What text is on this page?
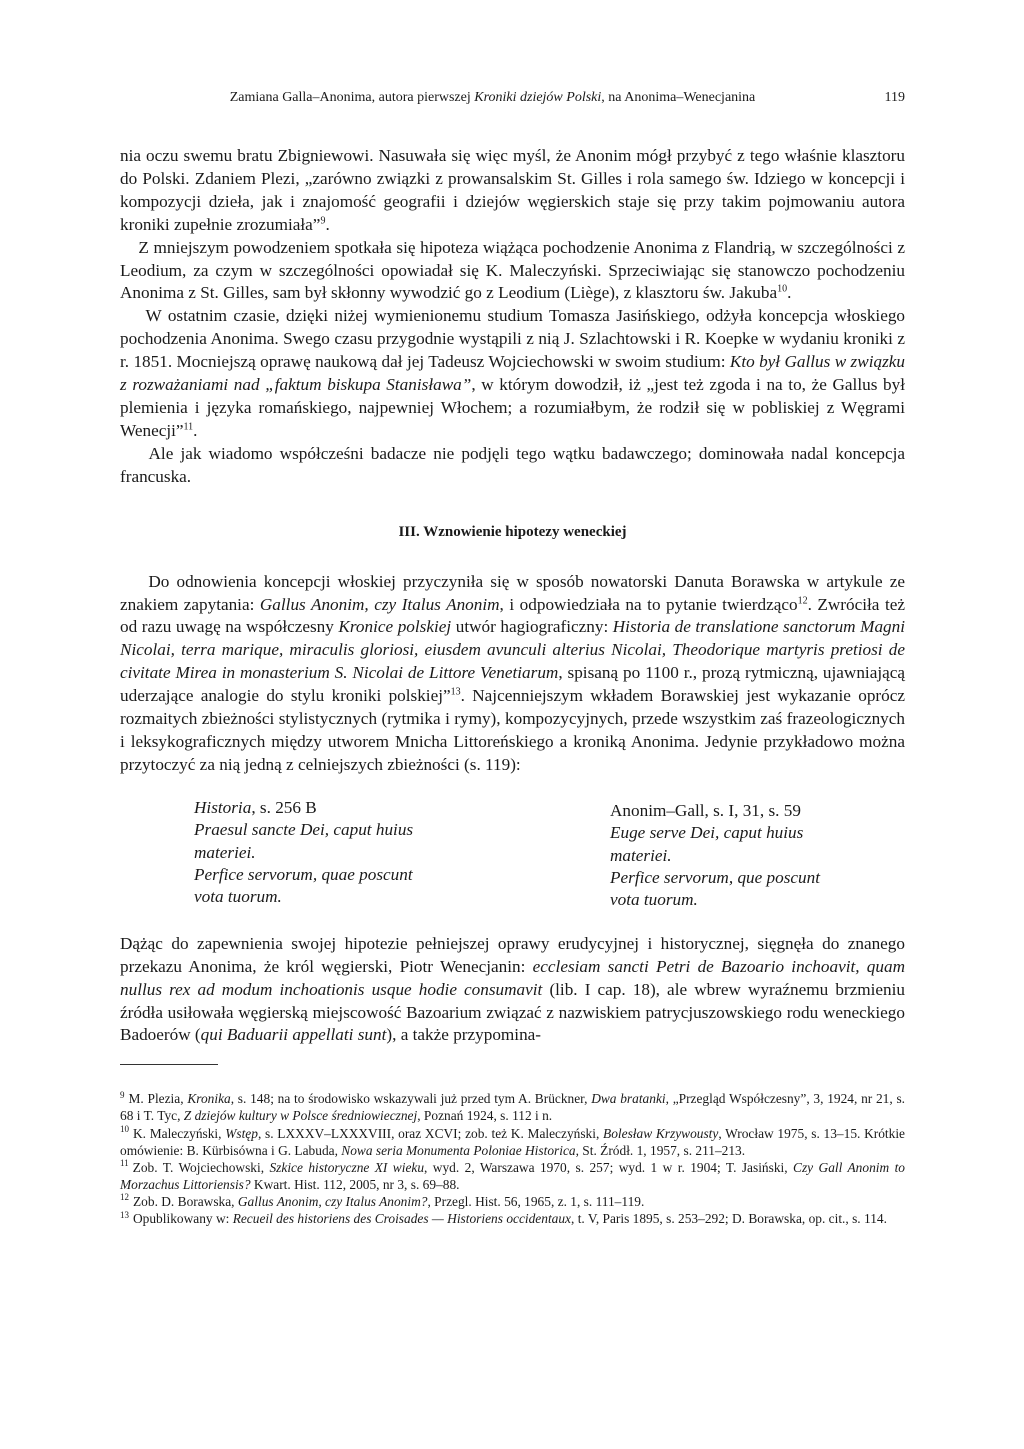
Zamiana Galla–Anonima, autora pierwszej Kroniki dziejów Polski, na Anonima–Wenecjanina	119

nia oczu swemu bratu Zbigniewowi. Nasuwała się więc myśl, że Anonim mógł przybyć z tego właśnie klasztoru do Polski. Zdaniem Plezi, „zarówno związki z prowansalskim St. Gilles i rola samego św. Idziego w koncepcji i kompozycji dzieła, jak i znajomość geografii i dziejów węgierskich staje się przy takim pojmowaniu autora kroniki zupełnie zrozumiała”$^9$.

Z mniejszym powodzeniem spotkała się hipoteza wiążąca pochodzenie Anonima z Flandrią, w szczególności z Leodium, za czym w szczególności opowiadał się K. Maleczyński. Sprzeciwiając się stanowczo pochodzeniu Anonima z St. Gilles, sam był skłonny wywodzić go z Leodium (Liège), z klasztoru św. Jakuba$^{10}$.

W ostatnim czasie, dzięki niżej wymienionemu studium Tomasza Jasińskiego, odżyła koncepcja włoskiego pochodzenia Anonima. Swego czasu przygodnie wystąpili z nią J. Szlachtowski i R. Koepke w wydaniu kroniki z r. 1851. Mocniejszą oprawę naukową dał jej Tadeusz Wojciechowski w swoim studium: Kto był Gallus w związku z rozważaniami nad „faktum biskupa Stanisława”, w którym dowodził, iż „jest też zgoda i na to, że Gallus był plemienia i języka romańskiego, najpewniej Włochem; a rozumiałbym, że rodził się w pobliskiej z Węgrami Wenecji”$^{11}$.

Ale jak wiadomo współcześni badacze nie podjęli tego wątku badawczego; dominowała nadal koncepcja francuska.

III. Wznowienie hipotezy weneckiej

Do odnowienia koncepcji włoskiej przyczyniła się w sposób nowatorski Danuta Borawska w artykule ze znakiem zapytania: Gallus Anonim, czy Italus Anonim, i odpowiedziała na to pytanie twierdząco$^{12}$. Zwróciła też od razu uwagę na współczesny Kronice polskiej utwór hagiograficzny: Historia de translatione sanctorum Magni Nicolai, terra marique, miraculis gloriosi, eiusdem avunculi alterius Nicolai, Theodorique martyris pretiosi de civitate Mirea in monasterium S. Nicolai de Littore Venetiarum, spisaną po 1100 r., prozą rytmiczną, ujawniającą uderzające analogie do stylu kroniki polskiej”$^{13}$. Najcenniejszym wkładem Borawskiej jest wykazanie oprócz rozmaitych zbieżności stylistycznych (rytmika i rymy), kompozycyjnych, przede wszystkim zaś frazeologicznych i leksykograficznych między utworem Mnicha Littoreńskiego a kroniką Anonima. Jedynie przykładowo można przytoczyć za nią jedną z celniejszych zbieżności (s. 119):

Historia, s. 256 B
Praesul sancte Dei, caput huius
materiei.
Perfice servorum, quae poscunt
vota tuorum.
Anonim–Gall, s. I, 31, s. 59
Euge serve Dei, caput huius
materiei.
Perfice servorum, que poscunt
vota tuorum.

Dążąc do zapewnienia swojej hipotezie pełniejszej oprawy erudycyjnej i historycznej, sięgnęła do znanego przekazu Anonima, że król węgierski, Piotr Wenecjanin: ecclesiam sancti Petri de Bazoario inchoavit, quam nullus rex ad modum inchoationis usque hodie consumavit (lib. I cap. 18), ale wbrew wyraźnemu brzmieniu źródła usiłowała węgierską miejscowość Bazoarium związać z nazwiskiem patrycjuszowskiego rodu weneckiego Badoerów (qui Baduarii appellati sunt), a także przypomina-

$^9$ M. Plezia, Kronika, s. 148; na to środowisko wskazywali już przed tym A. Brückner, Dwa bratanki, „Przegląd Współczesny”, 3, 1924, nr 21, s. 68 i T. Tyc, Z dziejów kultury w Polsce średniowiecznej, Poznań 1924, s. 112 i n.

$^{10}$ K. Maleczyński, Wstęp, s. LXXXV–LXXXVIII, oraz XCVI; zob. też K. Maleczyński, Bolesław Krzywousty, Wrocław 1975, s. 13–15. Krótkie omówienie: B. Kürbisówna i G. Labuda, Nowa seria Monumenta Poloniae Historica, St. Źródł. 1, 1957, s. 211–213.

$^{11}$ Zob. T. Wojciechowski, Szkice historyczne XI wieku, wyd. 2, Warszawa 1970, s. 257; wyd. 1 w r. 1904; T. Jasiński, Czy Gall Anonim to Morzachus Littoriensis? Kwart. Hist. 112, 2005, nr 3, s. 69–88.

$^{12}$ Zob. D. Borawska, Gallus Anonim, czy Italus Anonim?, Przegl. Hist. 56, 1965, z. 1, s. 111–119.

$^{13}$ Opublikowany w: Recueil des historiens des Croisades — Historiens occidentaux, t. V, Paris 1895, s. 253–292; D. Borawska, op. cit., s. 114.
